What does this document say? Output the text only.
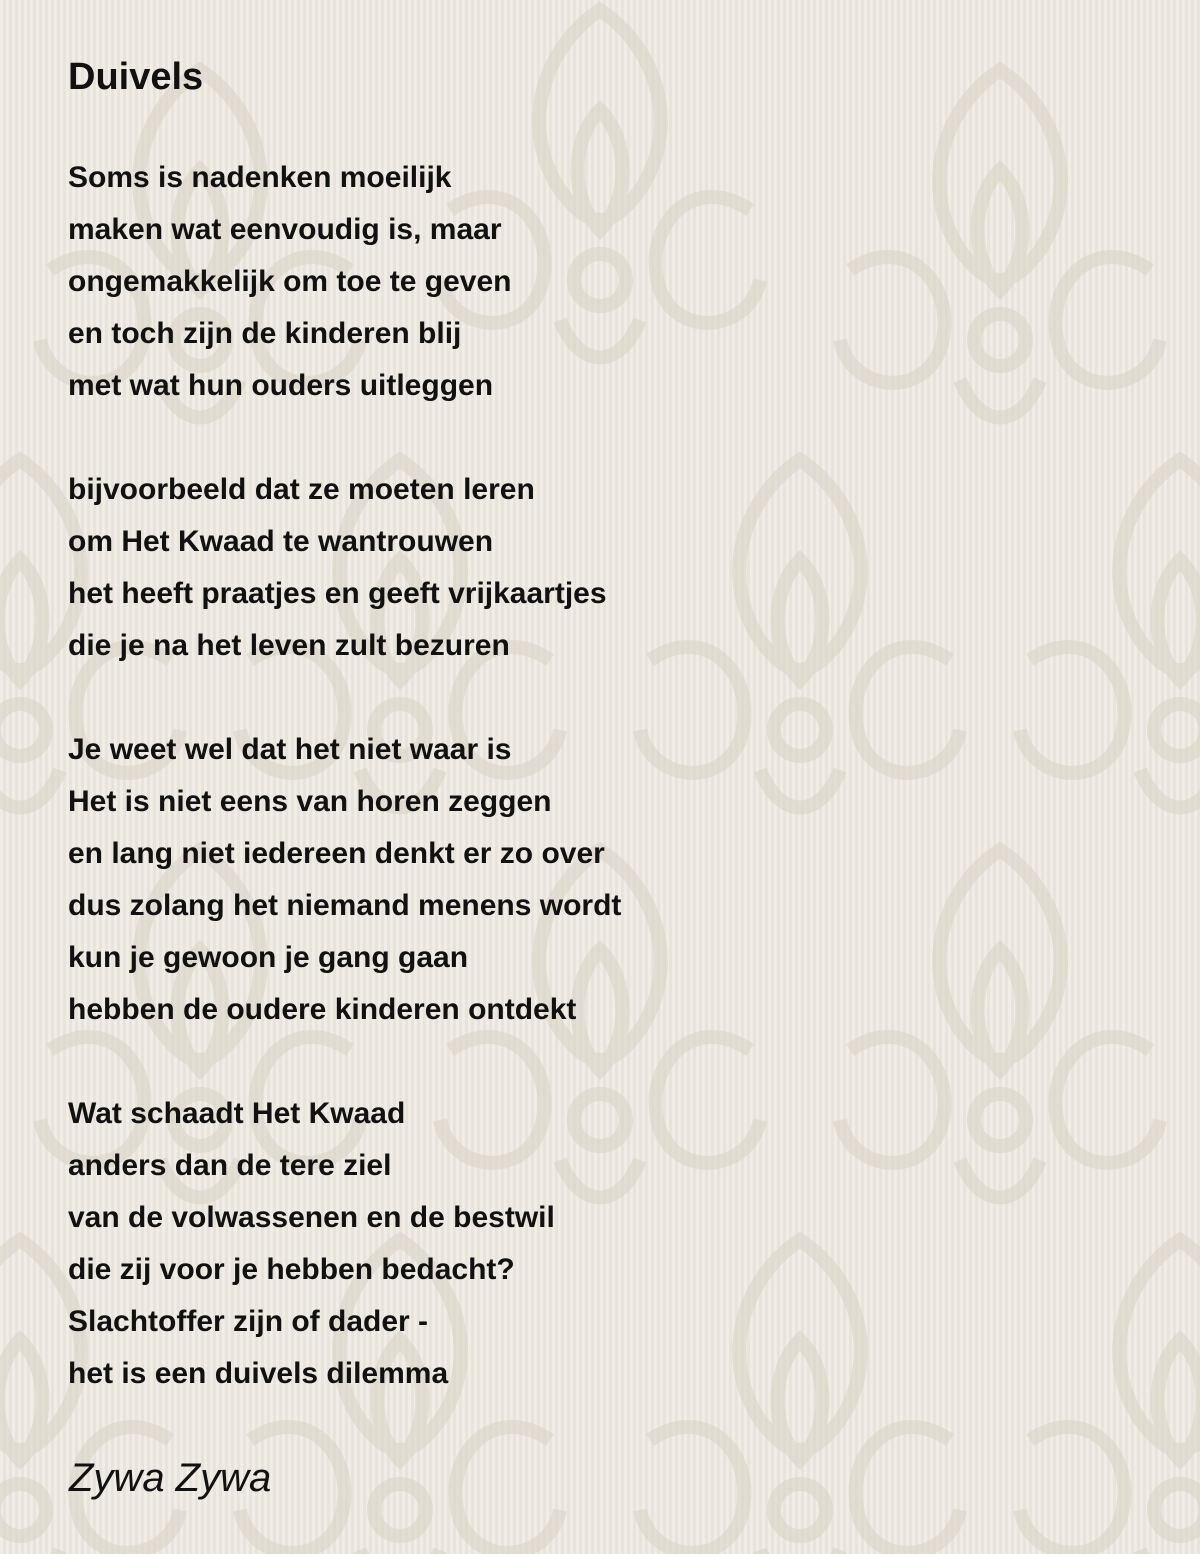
Duivels
Soms is nadenken moeilijk
maken wat eenvoudig is, maar
ongemakkelijk om toe te geven
en toch zijn de kinderen blij
met wat hun ouders uitleggen
bijvoorbeeld dat ze moeten leren
om Het Kwaad te wantrouwen
het heeft praatjes en geeft vrijkaartjes
die je na het leven zult bezuren
Je weet wel dat het niet waar is
Het is niet eens van horen zeggen
en lang niet iedereen denkt er zo over
dus zolang het niemand menens wordt
kun je gewoon je gang gaan
hebben de oudere kinderen ontdekt
Wat schaadt Het Kwaad
anders dan de tere ziel
van de volwassenen en de bestwil
die zij voor je hebben bedacht?
Slachtoffer zijn of dader -
het is een duivels dilemma
Zywa Zywa
